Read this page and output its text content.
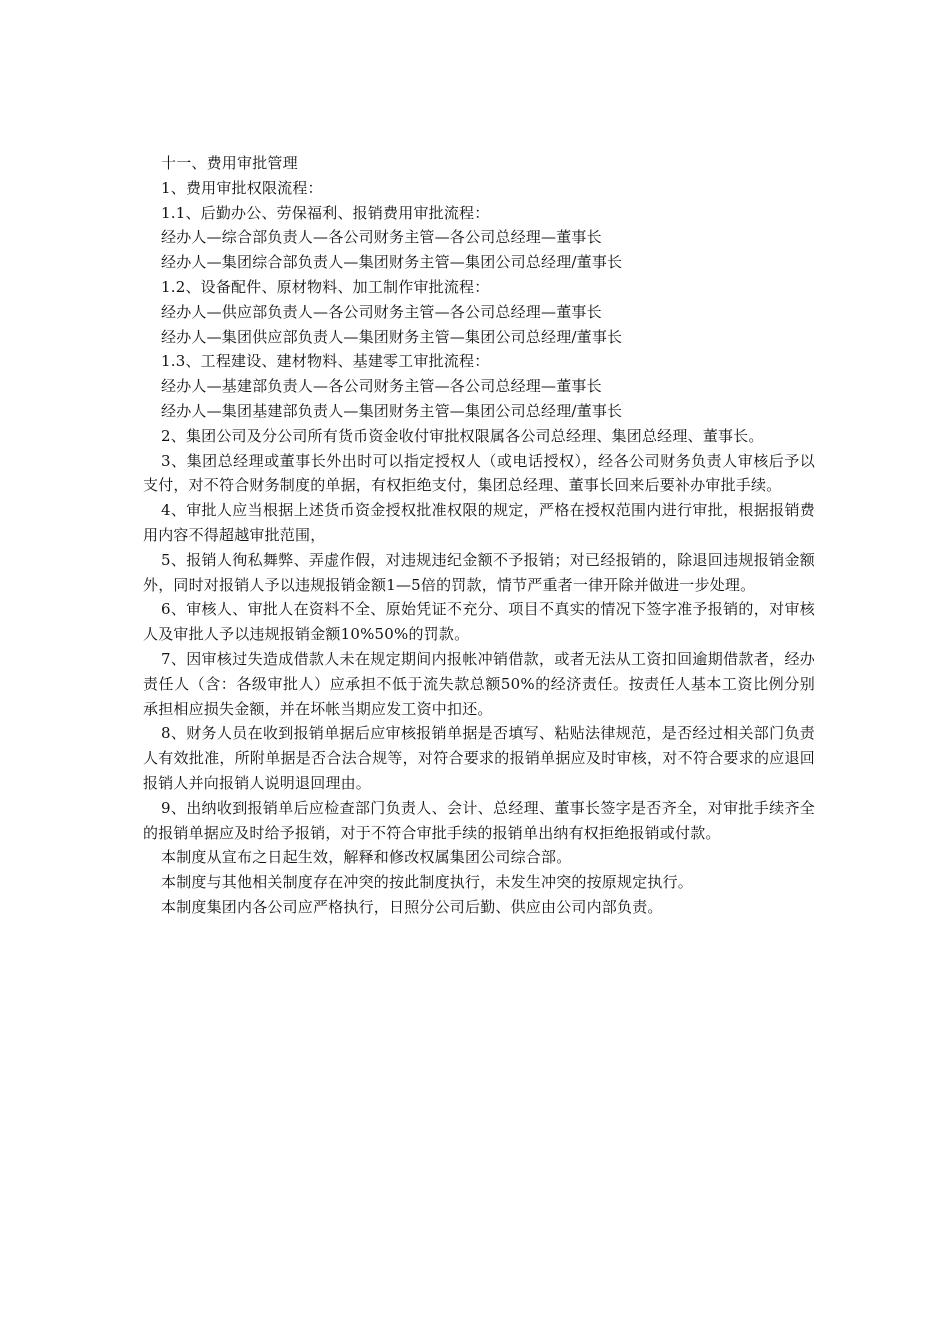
十一、费用审批管理
1、费用审批权限流程：
1.1、后勤办公、劳保福利、报销费用审批流程：
经办人—综合部负责人—各公司财务主管—各公司总经理—董事长
经办人—集团综合部负责人—集团财务主管—集团公司总经理/董事长
1.2、设备配件、原材物料、加工制作审批流程：
经办人—供应部负责人—各公司财务主管—各公司总经理—董事长
经办人—集团供应部负责人—集团财务主管—集团公司总经理/董事长
1.3、工程建设、建材物料、基建零工审批流程：
经办人—基建部负责人—各公司财务主管—各公司总经理—董事长
经办人—集团基建部负责人—集团财务主管—集团公司总经理/董事长
2、集团公司及分公司所有货币资金收付审批权限属各公司总经理、集团总经理、董事长。
3、集团总经理或董事长外出时可以指定授权人（或电话授权），经各公司财务负责人审核后予以支付，对不符合财务制度的单据，有权拒绝支付，集团总经理、董事长回来后要补办审批手续。
4、审批人应当根据上述货币资金授权批准权限的规定，严格在授权范围内进行审批，根据报销费用内容不得超越审批范围，
5、报销人徇私舞弊、弄虚作假，对违规违纪金额不予报销；对已经报销的，除退回违规报销金额外，同时对报销人予以违规报销金额1—5倍的罚款，情节严重者一律开除并做进一步处理。
6、审核人、审批人在资料不全、原始凭证不充分、项目不真实的情况下签字准予报销的，对审核人及审批人予以违规报销金额10%50%的罚款。
7、因审核过失造成借款人未在规定期间内报帐冲销借款，或者无法从工资扣回逾期借款者，经办责任人（含：各级审批人）应承担不低于流失款总额50%的经济责任。按责任人基本工资比例分别承担相应损失金额，并在坏帐当期应发工资中扣还。
8、财务人员在收到报销单据后应审核报销单据是否填写、粘贴法律规范，是否经过相关部门负责人有效批准，所附单据是否合法合规等，对符合要求的报销单据应及时审核，对不符合要求的应退回报销人并向报销人说明退回理由。
9、出纳收到报销单后应检查部门负责人、会计、总经理、董事长签字是否齐全，对审批手续齐全的报销单据应及时给予报销，对于不符合审批手续的报销单出纳有权拒绝报销或付款。
本制度从宣布之日起生效，解释和修改权属集团公司综合部。
本制度与其他相关制度存在冲突的按此制度执行，未发生冲突的按原规定执行。
本制度集团内各公司应严格执行，日照分公司后勤、供应由公司内部负责。
